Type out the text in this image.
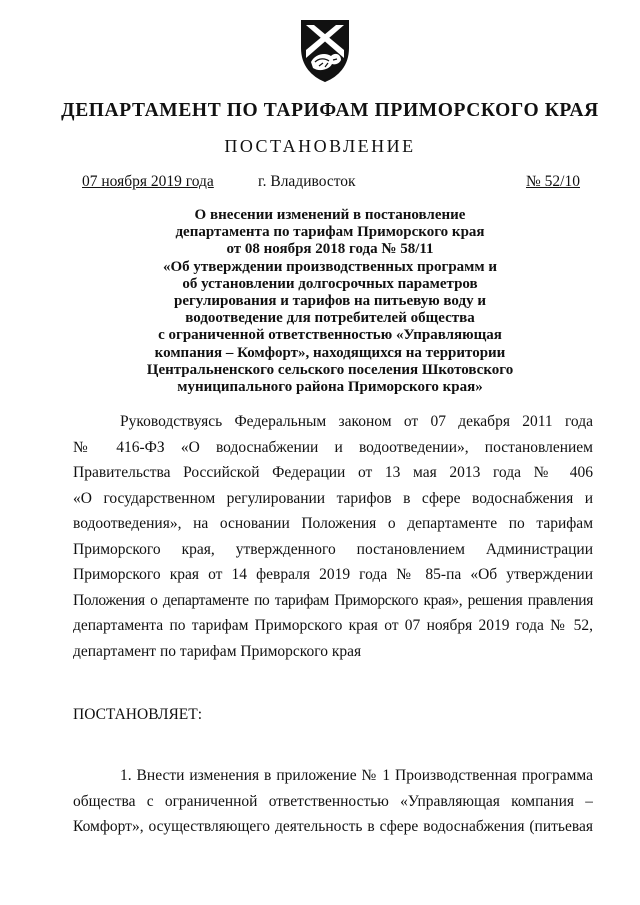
ДЕПАРТАМЕНТ ПО ТАРИФАМ ПРИМОРСКОГО КРАЯ
ПОСТАНОВЛЕНИЕ
07 ноября 2019 года	г. Владивосток	№ 52/10
О внесении изменений в постановление
департамента по тарифам Приморского края
от 08 ноября 2018 года № 58/11
«Об утверждении производственных программ и
об установлении долгосрочных параметров
регулирования и тарифов на питьевую воду и
водоотведение для потребителей общества
с ограниченной ответственностью «Управляющая
компания – Комфорт», находящихся на территории
Центральненского сельского поселения Шкотовского
муниципального района Приморского края»
Руководствуясь Федеральным законом от 07 декабря 2011 года
№ 416-ФЗ «О водоснабжении и водоотведении», постановлением
Правительства Российской Федерации от 13 мая 2013 года № 406
«О государственном регулировании тарифов в сфере водоснабжения и
водоотведения», на основании Положения о департаменте по тарифам
Приморского края, утвержденного постановлением Администрации
Приморского края от 14 февраля 2019 года № 85-па «Об утверждении
Положения о департаменте по тарифам Приморского края», решения правления
департамента по тарифам Приморского края от 07 ноября 2019 года № 52,
департамент по тарифам Приморского края
ПОСТАНОВЛЯЕТ:
1. Внести изменения в приложение № 1 Производственная программа
общества с ограниченной ответственностью «Управляющая компания –
Комфорт», осуществляющего деятельность в сфере водоснабжения (питьевая
